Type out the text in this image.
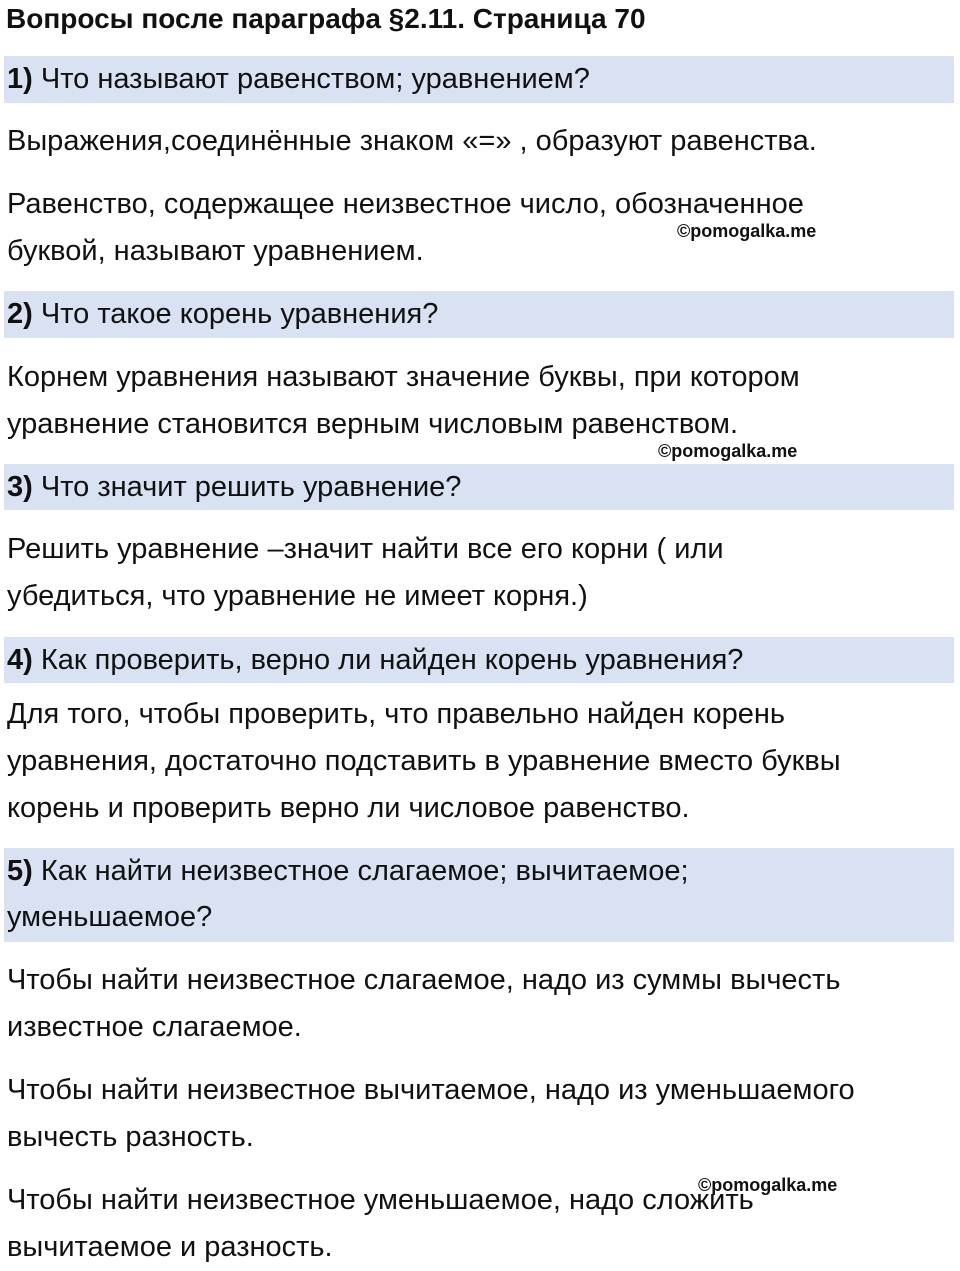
Вопросы после параграфа §2.11. Страница 70
1) Что называют равенством; уравнением?
Выражения,соединённые знаком «=» , образуют равенства.
Равенство, содержащее неизвестное число, обозначенное
буквой, называют уравнением.
©pomogalka.me
2) Что такое корень уравнения?
Корнем уравнения называют значение буквы, при котором
уравнение становится верным числовым равенством.
©pomogalka.me
3) Что значит решить уравнение?
Решить уравнение –значит найти все его корни ( или
убедиться, что уравнение не имеет корня.)
4) Как проверить, верно ли найден корень уравнения?
Для того, чтобы проверить, что правельно найден корень
уравнения, достаточно подставить в уравнение вместо буквы
корень и проверить верно ли числовое равенство.
5) Как найти неизвестное слагаемое; вычитаемое;
уменьшаемое?
Чтобы найти неизвестное слагаемое, надо из суммы вычесть
известное слагаемое.
Чтобы найти неизвестное вычитаемое, надо из уменьшаемого
вычесть разность.
Чтобы найти неизвестное уменьшаемое, надо сложить
вычитаемое и разность.
©pomogalka.me
